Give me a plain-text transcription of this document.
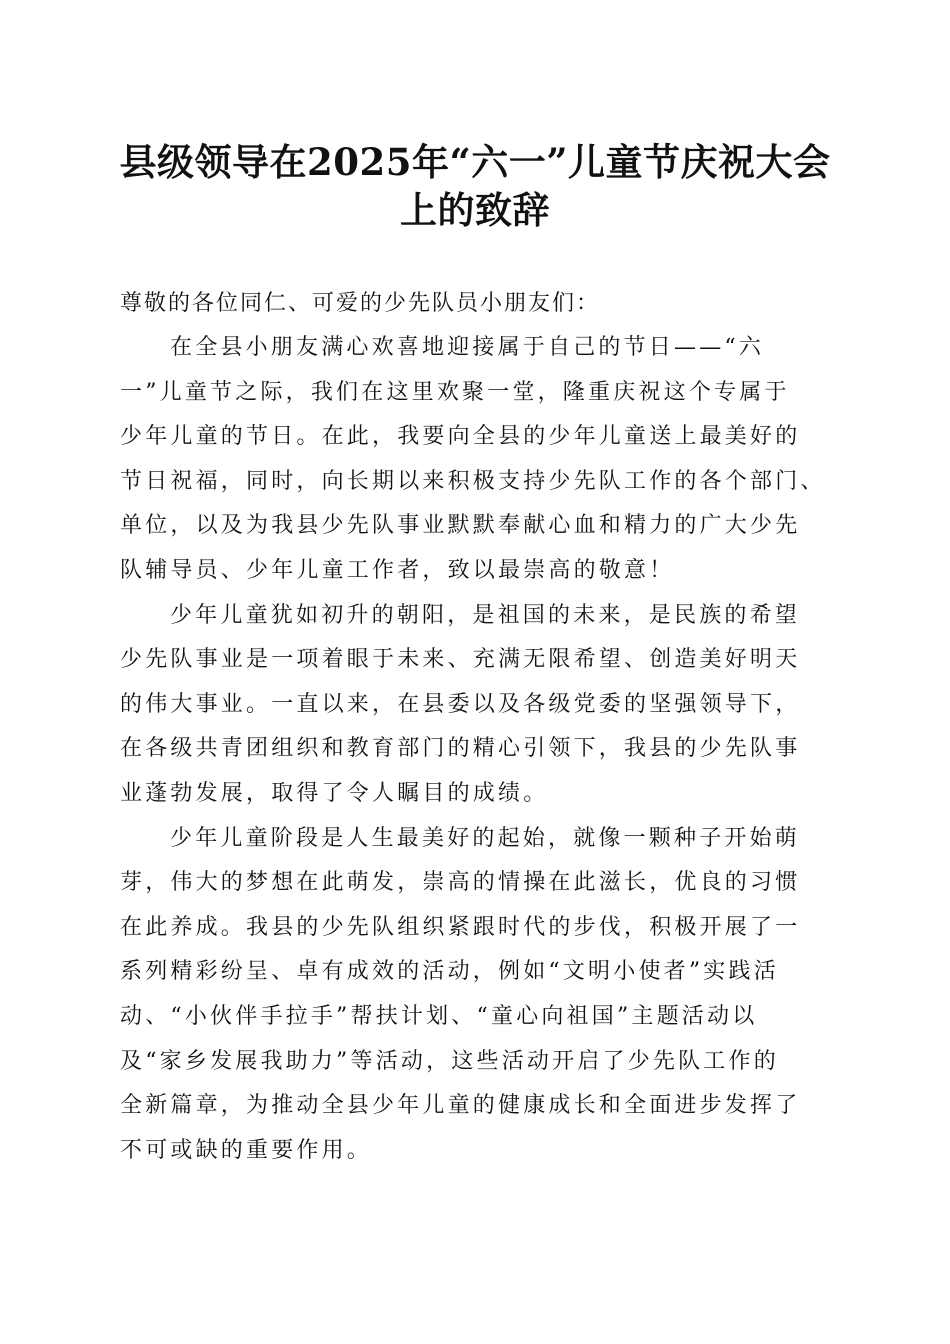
县级领导在2025年“六一”儿童节庆祝大会
上的致辞

尊敬的各位同仁、可爱的少先队员小朋友们：

在全县小朋友满心欢喜地迎接属于自己的节日——“六
一”儿童节之际，我们在这里欢聚一堂，隆重庆祝这个专属于
少年儿童的节日。在此，我要向全县的少年儿童送上最美好的
节日祝福，同时，向长期以来积极支持少先队工作的各个部门、
单位，以及为我县少先队事业默默奉献心血和精力的广大少先
队辅导员、少年儿童工作者，致以最崇高的敬意！

少年儿童犹如初升的朝阳，是祖国的未来，是民族的希望
少先队事业是一项着眼于未来、充满无限希望、创造美好明天
的伟大事业。一直以来，在县委以及各级党委的坚强领导下，
在各级共青团组织和教育部门的精心引领下，我县的少先队事
业蓬勃发展，取得了令人瞩目的成绩。

少年儿童阶段是人生最美好的起始，就像一颗种子开始萌
芽，伟大的梦想在此萌发，崇高的情操在此滋长，优良的习惯
在此养成。我县的少先队组织紧跟时代的步伐，积极开展了一
系列精彩纷呈、卓有成效的活动，例如“文明小使者”实践活
动、“小伙伴手拉手”帮扶计划、“童心向祖国”主题活动以
及“家乡发展我助力”等活动，这些活动开启了少先队工作的
全新篇章，为推动全县少年儿童的健康成长和全面进步发挥了
不可或缺的重要作用。
